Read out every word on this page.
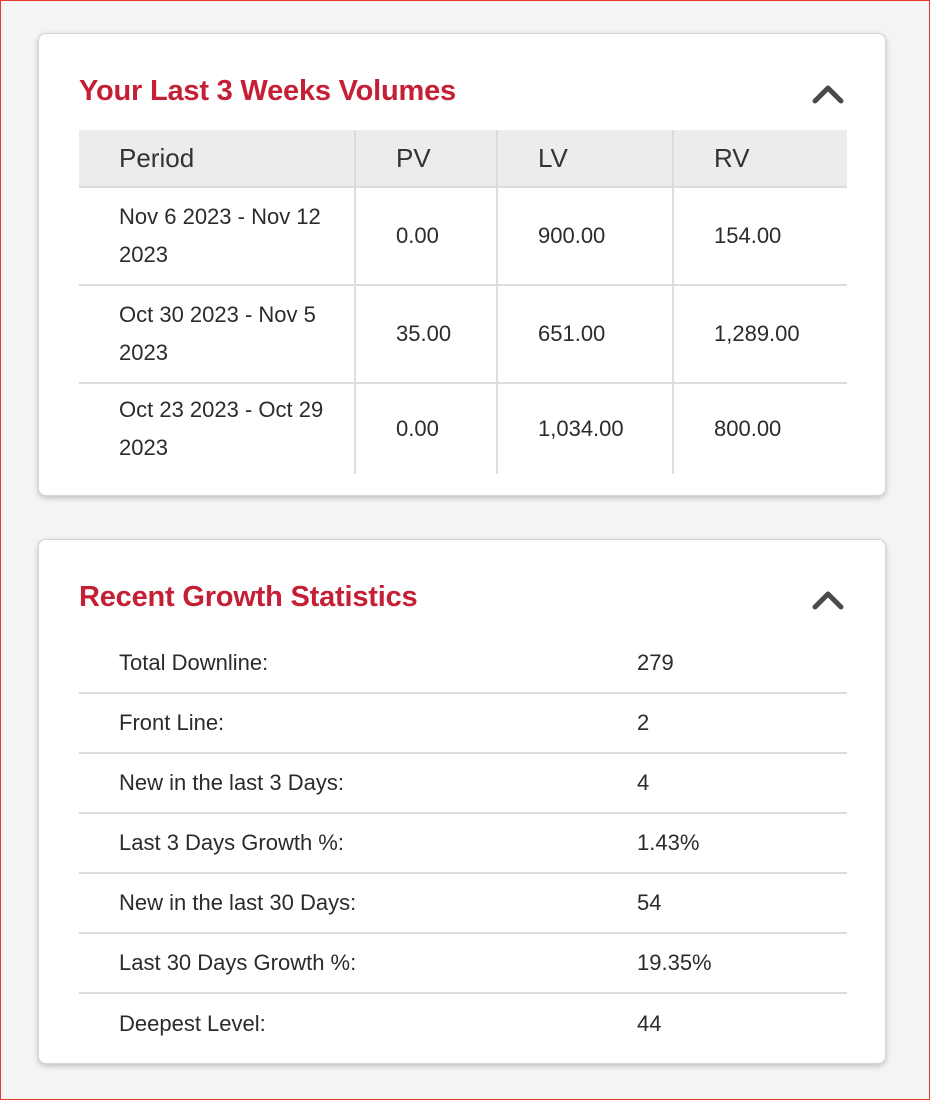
Your Last 3 Weeks Volumes
Period	PV	LV	RV
Nov 6 2023 - Nov 12 2023	0.00	900.00	154.00
Oct 30 2023 - Nov 5 2023	35.00	651.00	1,289.00
Oct 23 2023 - Oct 29 2023	0.00	1,034.00	800.00
Recent Growth Statistics
Total Downline:	279
Front Line:	2
New in the last 3 Days:	4
Last 3 Days Growth %:	1.43%
New in the last 30 Days:	54
Last 30 Days Growth %:	19.35%
Deepest Level:	44
